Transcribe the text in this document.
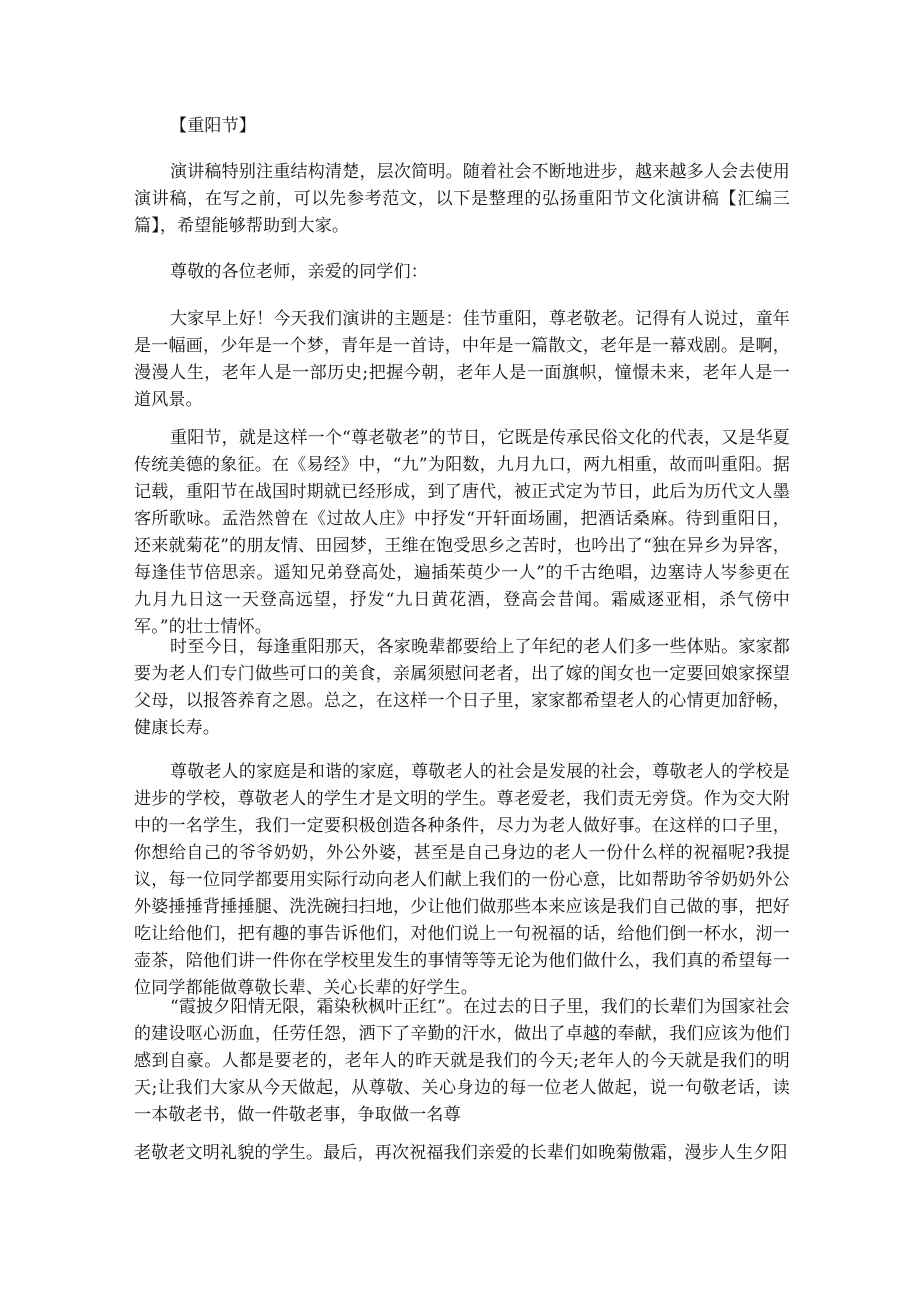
【重阳节】

演讲稿特别注重结构清楚，层次简明。随着社会不断地进步，越来越多人会去使用演讲稿，在写之前，可以先参考范文，以下是整理的弘扬重阳节文化演讲稿【汇编三篇】，希望能够帮助到大家。

尊敬的各位老师，亲爱的同学们：

大家早上好！今天我们演讲的主题是：佳节重阳，尊老敬老。记得有人说过，童年是一幅画，少年是一个梦，青年是一首诗，中年是一篇散文，老年是一幕戏剧。是啊，漫漫人生，老年人是一部历史;把握今朝，老年人是一面旗帜，憧憬未来，老年人是一道风景。

重阳节，就是这样一个“尊老敬老”的节日，它既是传承民俗文化的代表，又是华夏传统美德的象征。在《易经》中，“九”为阳数，九月九口，两九相重，故而叫重阳。据记载，重阳节在战国时期就已经形成，到了唐代，被正式定为节日，此后为历代文人墨客所歌咏。孟浩然曾在《过故人庄》中抒发“开轩面场圃，把酒话桑麻。待到重阳日，还来就菊花”的朋友情、田园梦，王维在饱受思乡之苦时，也吟出了“独在异乡为异客，每逢佳节倍思亲。遥知兄弟登高处，遍插茱萸少一人”的千古绝唱，边塞诗人岑参更在九月九日这一天登高远望，抒发“九日黄花酒，登高会昔闻。霜威逐亚相，杀气傍中军。”的壮士情怀。

时至今日，每逢重阳那天，各家晚辈都要给上了年纪的老人们多一些体贴。家家都要为老人们专门做些可口的美食，亲属须慰问老者，出了嫁的闺女也一定要回娘家探望父母，以报答养育之恩。总之，在这样一个日子里，家家都希望老人的心情更加舒畅，健康长寿。

尊敬老人的家庭是和谐的家庭，尊敬老人的社会是发展的社会，尊敬老人的学校是进步的学校，尊敬老人的学生才是文明的学生。尊老爱老，我们责无旁贷。作为交大附中的一名学生，我们一定要积极创造各种条件，尽力为老人做好事。在这样的口子里，你想给自己的爷爷奶奶，外公外婆，甚至是自己身边的老人一份什么样的祝福呢?我提议，每一位同学都要用实际行动向老人们献上我们的一份心意，比如帮助爷爷奶奶外公外婆捶捶背捶捶腿、洗洗碗扫扫地，少让他们做那些本来应该是我们自己做的事，把好吃让给他们，把有趣的事告诉他们，对他们说上一句祝福的话，给他们倒一杯水，沏一壶茶，陪他们讲一件你在学校里发生的事情等等无论为他们做什么，我们真的希望每一位同学都能做尊敬长辈、关心长辈的好学生。

“霞披夕阳情无限，霜染秋枫叶正红”。在过去的日子里，我们的长辈们为国家社会的建设呕心沥血，任劳任怨，洒下了辛勤的汗水，做出了卓越的奉献，我们应该为他们感到自豪。人都是要老的，老年人的昨天就是我们的今天;老年人的今天就是我们的明天;让我们大家从今天做起，从尊敬、关心身边的每一位老人做起，说一句敬老话，读一本敬老书，做一件敬老事，争取做一名尊

老敬老文明礼貌的学生。最后，再次祝福我们亲爱的长辈们如晚菊傲霜，漫步人生夕阳
